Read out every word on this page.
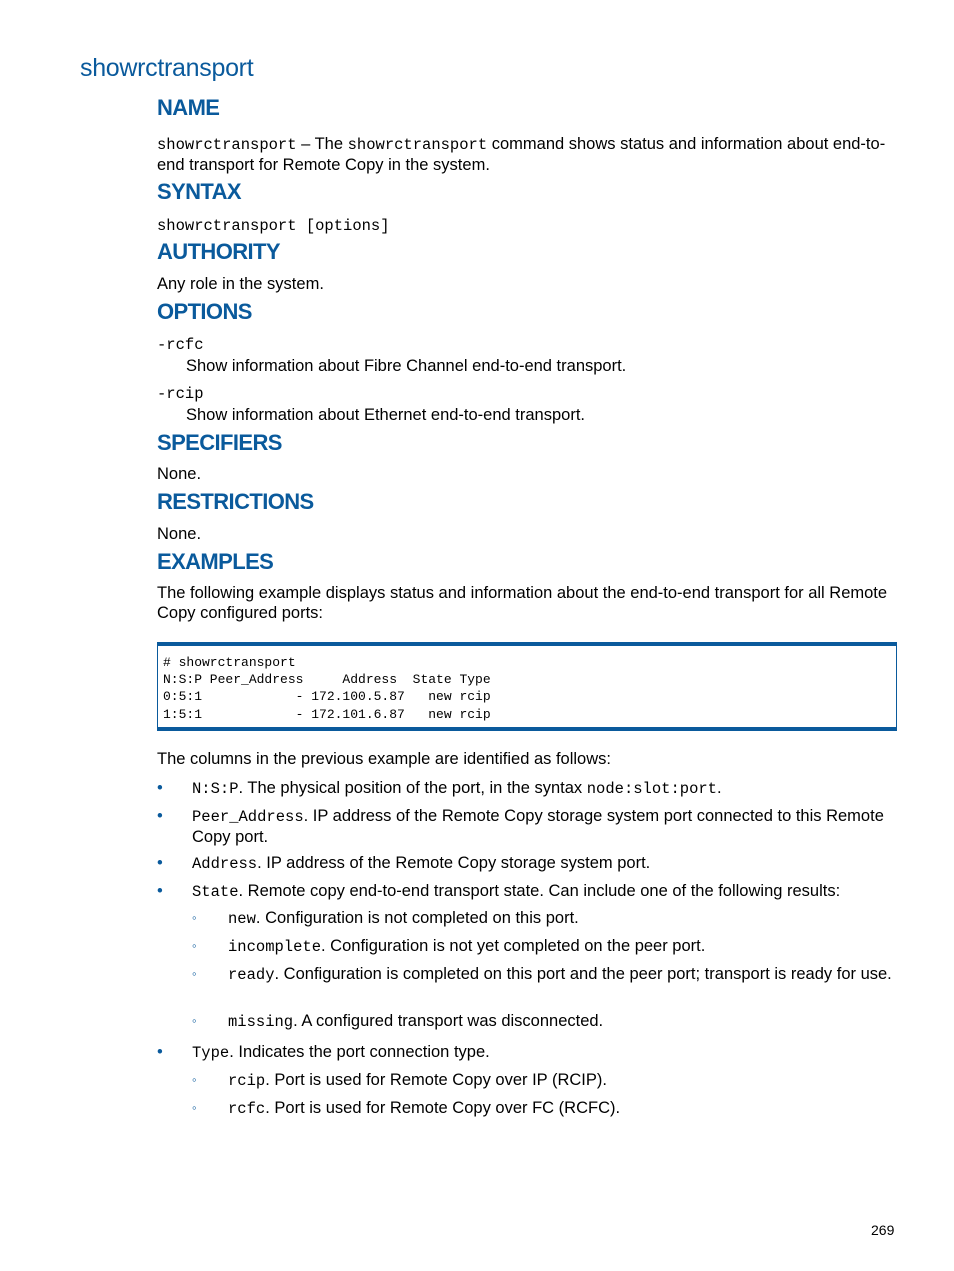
showrctransport
NAME

showrctransport – The showrctransport command shows status and information about end-to-end transport for Remote Copy in the system.

SYNTAX

showrctransport [options]

AUTHORITY

Any role in the system.

OPTIONS

-rcfc

Show information about Fibre Channel end-to-end transport.

-rcip

Show information about Ethernet end-to-end transport.

SPECIFIERS

None.

RESTRICTIONS

None.

EXAMPLES

The following example displays status and information about the end-to-end transport for all Remote Copy configured ports:

# showrctransport
N:S:P Peer_Address     Address  State Type
0:5:1            - 172.100.5.87   new rcip
1:5:1            - 172.101.6.87   new rcip

The columns in the previous example are identified as follows:

• N:S:P. The physical position of the port, in the syntax node:slot:port.
• Peer_Address. IP address of the Remote Copy storage system port connected to this Remote Copy port.
• Address. IP address of the Remote Copy storage system port.
• State. Remote copy end-to-end transport state. Can include one of the following results:
◦ new. Configuration is not completed on this port.
◦ incomplete. Configuration is not yet completed on the peer port.
◦ ready. Configuration is completed on this port and the peer port; transport is ready for use.
◦ missing. A configured transport was disconnected.
• Type. Indicates the port connection type.
◦ rcip. Port is used for Remote Copy over IP (RCIP).
◦ rcfc. Port is used for Remote Copy over FC (RCFC).
269
